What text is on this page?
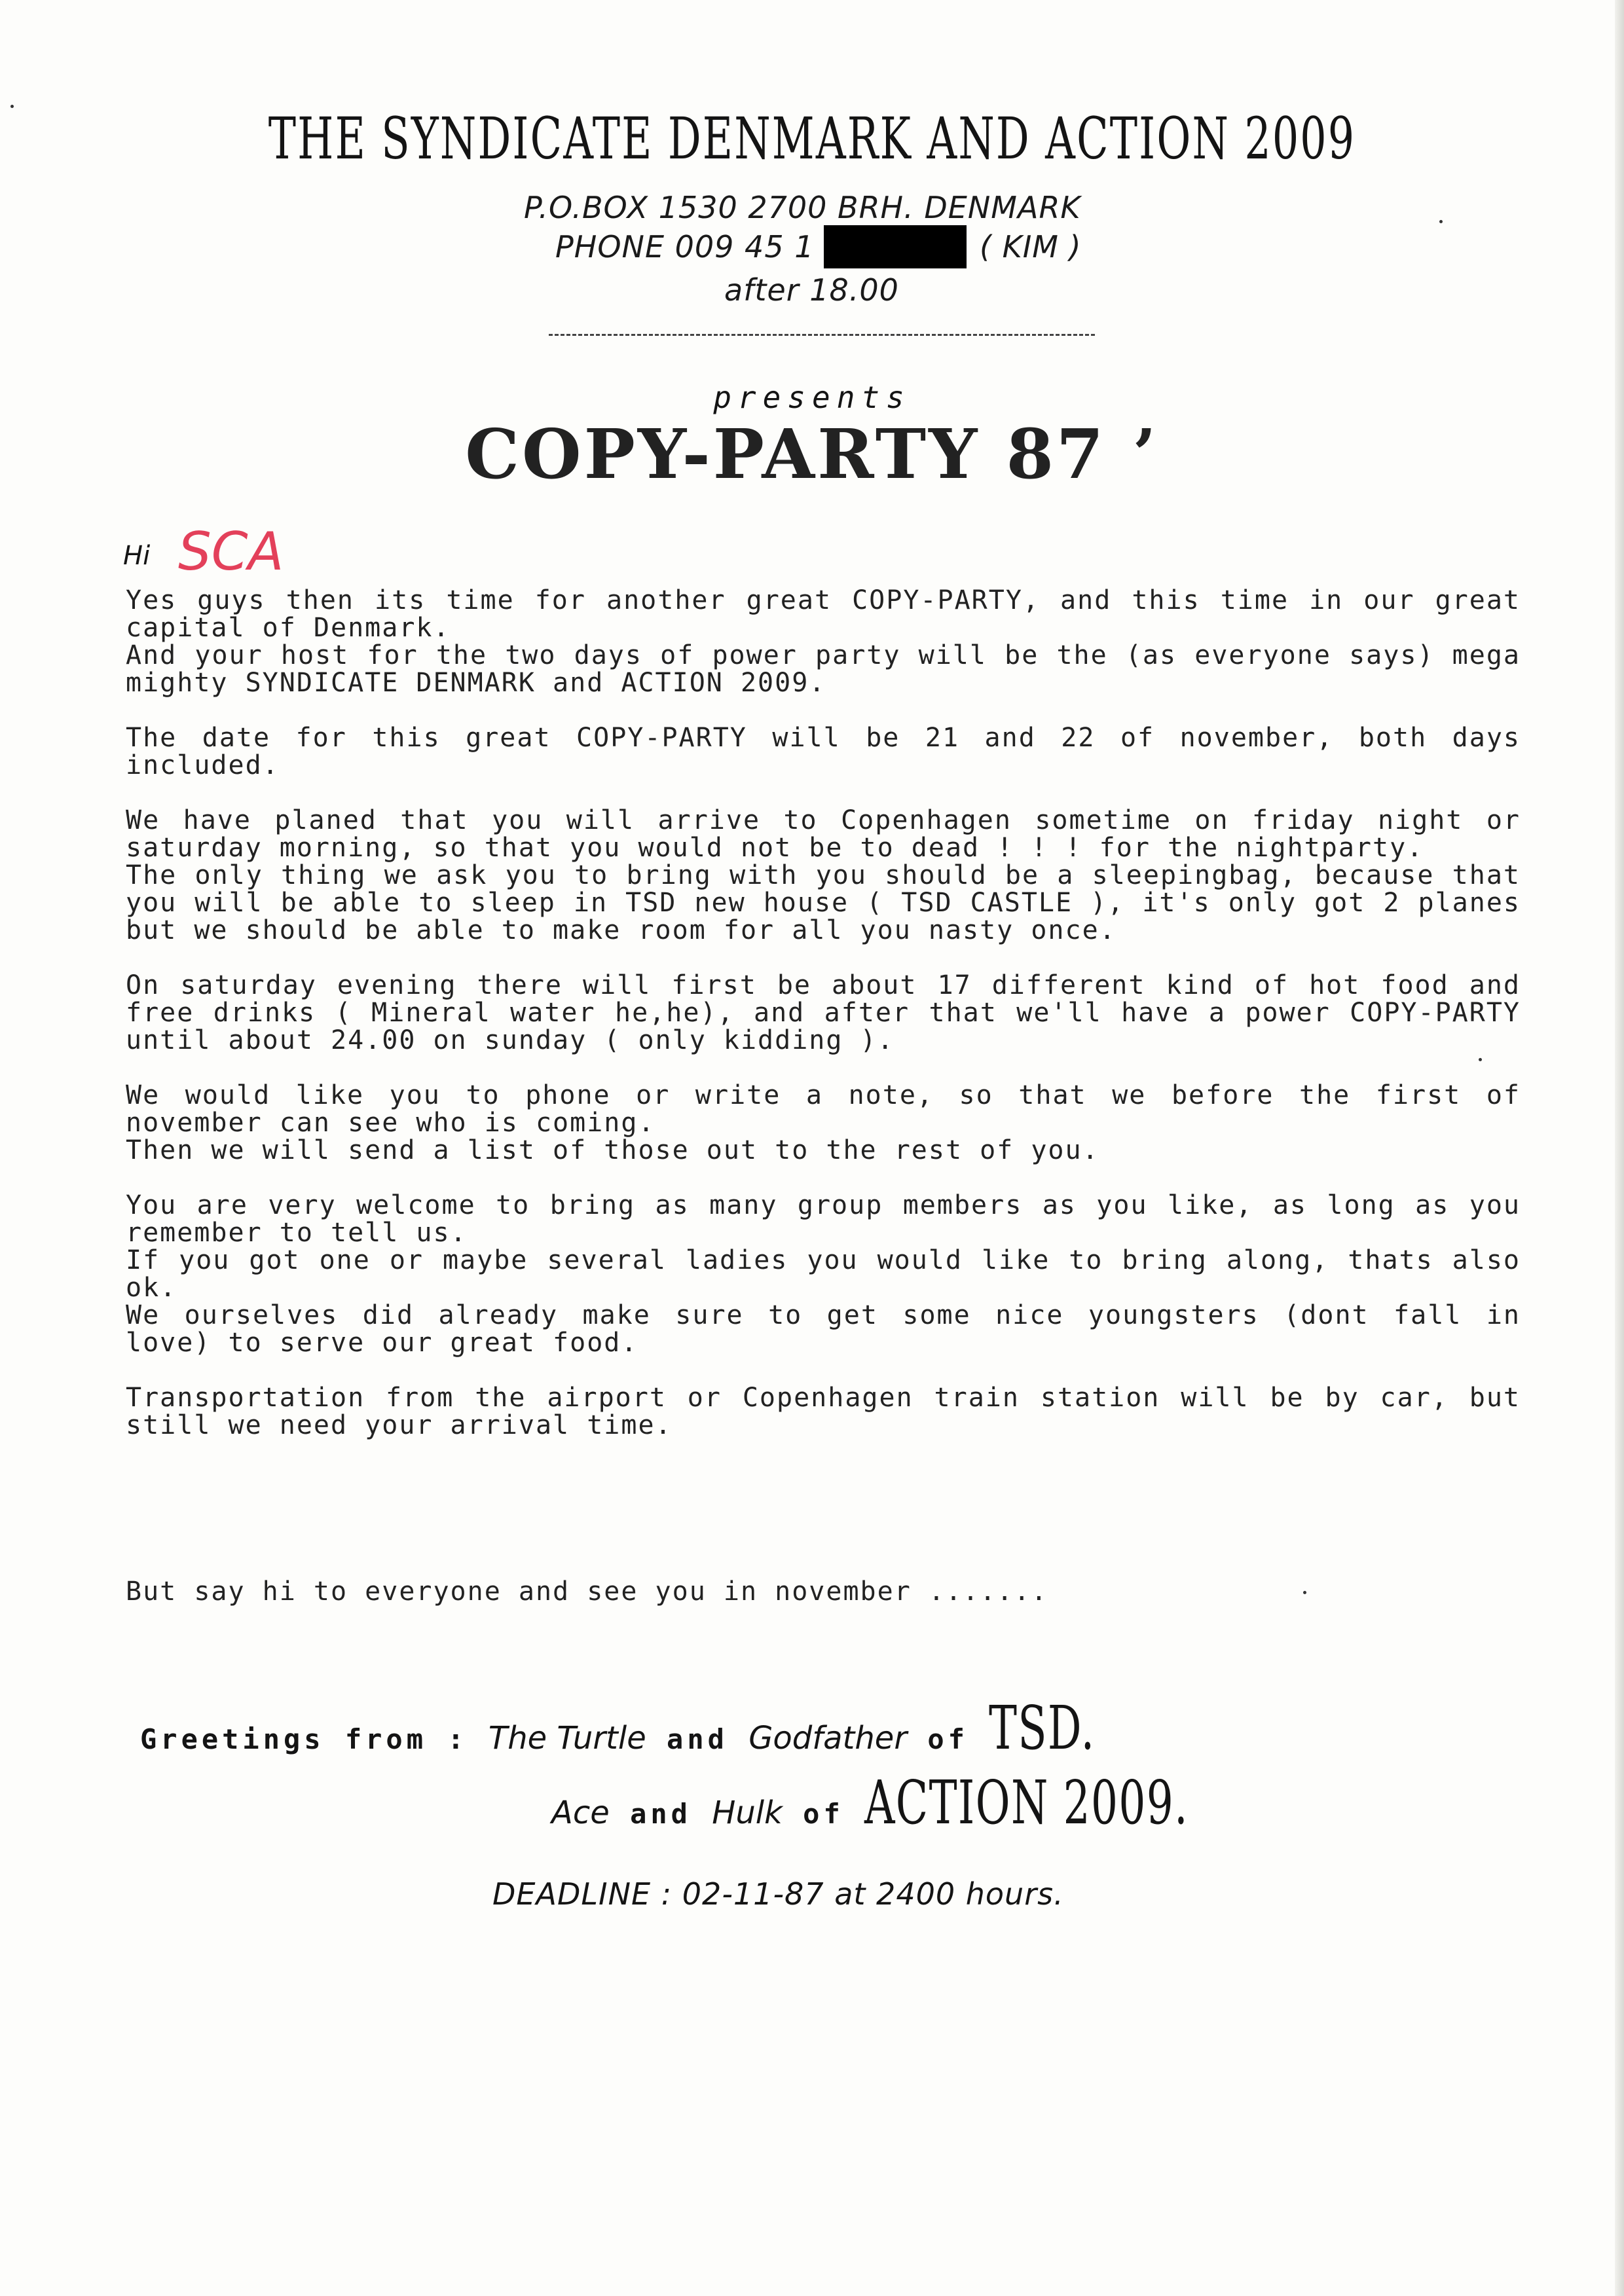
THE SYNDICATE DENMARK AND ACTION 2009
P.O.BOX 1530 2700 BRH. DENMARK
PHONE 009 45 1	( KIM )
after 18.00
presents
COPY-PARTY 87 ’
Hi SCA

Yes guys then its time for another great COPY-PARTY, and this time in our great capital of Denmark.
And your host for the two days of power party will be the (as everyone says) mega mighty SYNDICATE DENMARK and ACTION 2009.

The date for this great COPY-PARTY will be 21 and 22 of november, both days included.

We have planed that you will arrive to Copenhagen sometime on friday night or saturday morning, so that you would not be to dead ! ! ! for the nightparty.
The only thing we ask you to bring with you should be a sleepingbag, because that you will be able to sleep in TSD new house ( TSD CASTLE ), it's only got 2 planes but we should be able to make room for all you nasty once.

On saturday evening there will first be about 17 different kind of hot food and free drinks ( Mineral water he,he), and after that we'll have a power COPY-PARTY until about 24.00 on sunday ( only kidding ).

We would like you to phone or write a note, so that we before the first of november can see who is coming.
Then we will send a list of those out to the rest of you.

You are very welcome to bring as many group members as you like, as long as you remember to tell us.
If you got one or maybe several ladies you would like to bring along, thats also ok.
We ourselves did already make sure to get some nice youngsters (dont fall in love) to serve our great food.

Transportation from the airport or Copenhagen train station will be by car, but still we need your arrival time.

But say hi to everyone and see you in november .......

Greetings from : The Turtle and Godfather of TSD.
Ace and Hulk of ACTION 2009.
DEADLINE : 02-11-87 at 2400 hours.
